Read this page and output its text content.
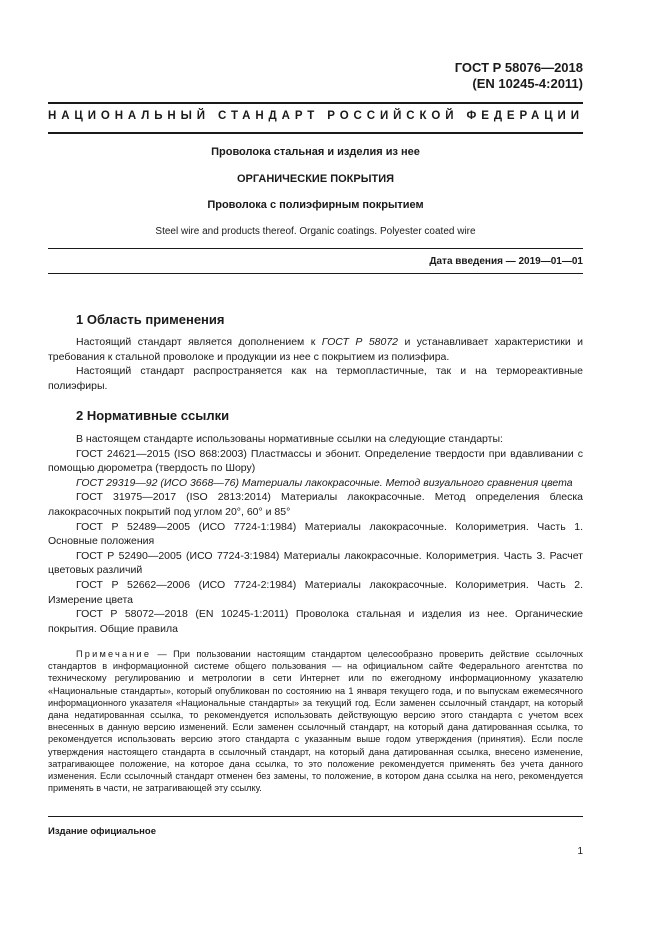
ГОСТ Р 58076—2018
(EN 10245-4:2011)
НАЦИОНАЛЬНЫЙ СТАНДАРТ РОССИЙСКОЙ ФЕДЕРАЦИИ
Проволока стальная и изделия из нее
ОРГАНИЧЕСКИЕ ПОКРЫТИЯ
Проволока с полиэфирным покрытием
Steel wire and products thereof. Organic coatings. Polyester coated wire
Дата введения — 2019—01—01
1 Область применения

Настоящий стандарт является дополнением к ГОСТ Р 58072 и устанавливает характеристики и требования к стальной проволоке и продукции из нее с покрытием из полиэфира.

Настоящий стандарт распространяется как на термопластичные, так и на термореактивные полиэфиры.

2 Нормативные ссылки

В настоящем стандарте использованы нормативные ссылки на следующие стандарты:

ГОСТ 24621—2015 (ISO 868:2003) Пластмассы и эбонит. Определение твердости при вдавливании с помощью дюрометра (твердость по Шору)

ГОСТ 29319—92 (ИСО 3668—76) Материалы лакокрасочные. Метод визуального сравнения цвета

ГОСТ 31975—2017 (ISO 2813:2014) Материалы лакокрасочные. Метод определения блеска лакокрасочных покрытий под углом 20°, 60° и 85°

ГОСТ Р 52489—2005 (ИСО 7724-1:1984) Материалы лакокрасочные. Колориметрия. Часть 1. Основные положения

ГОСТ Р 52490—2005 (ИСО 7724-3:1984) Материалы лакокрасочные. Колориметрия. Часть 3. Расчет цветовых различий

ГОСТ Р 52662—2006 (ИСО 7724-2:1984) Материалы лакокрасочные. Колориметрия. Часть 2. Измерение цвета

ГОСТ Р 58072—2018 (EN 10245-1:2011) Проволока стальная и изделия из нее. Органические покрытия. Общие правила

Примечание — При пользовании настоящим стандартом целесообразно проверить действие ссылочных стандартов в информационной системе общего пользования — на официальном сайте Федерального агентства по техническому регулированию и метрологии в сети Интернет или по ежегодному информационному указателю «Национальные стандарты», который опубликован по состоянию на 1 января текущего года, и по выпускам ежемесячного информационного указателя «Национальные стандарты» за текущий год. Если заменен ссылочный стандарт, на который дана недатированная ссылка, то рекомендуется использовать действующую версию этого стандарта с учетом всех внесенных в данную версию изменений. Если заменен ссылочный стандарт, на который дана датированная ссылка, то рекомендуется использовать версию этого стандарта с указанным выше годом утверждения (принятия). Если после утверждения настоящего стандарта в ссылочный стандарт, на который дана датированная ссылка, внесено изменение, затрагивающее положение, на которое дана ссылка, то это положение рекомендуется применять без учета данного изменения. Если ссылочный стандарт отменен без замены, то положение, в котором дана ссылка на него, рекомендуется применять в части, не затрагивающей эту ссылку.

Издание официальное
1
